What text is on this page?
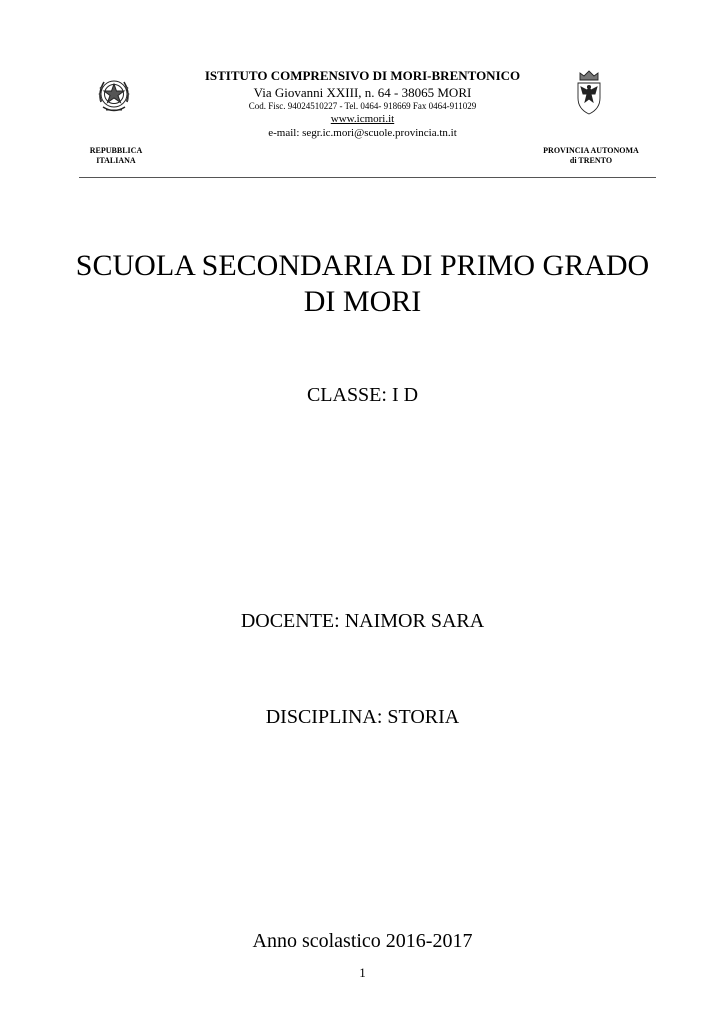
ISTITUTO COMPRENSIVO DI MORI-BRENTONICO
Via Giovanni XXIII, n. 64 - 38065 MORI
Cod. Fisc. 94024510227 - Tel. 0464- 918669 Fax 0464-911029
www.icmori.it
e-mail: segr.ic.mori@scuole.provincia.tn.it
REPUBBLICA
ITALIANA
PROVINCIA AUTONOMA
di TRENTO
SCUOLA SECONDARIA DI PRIMO GRADO
DI MORI
CLASSE: I D
DOCENTE: NAIMOR SARA
DISCIPLINA: STORIA
Anno scolastico 2016-2017
1
